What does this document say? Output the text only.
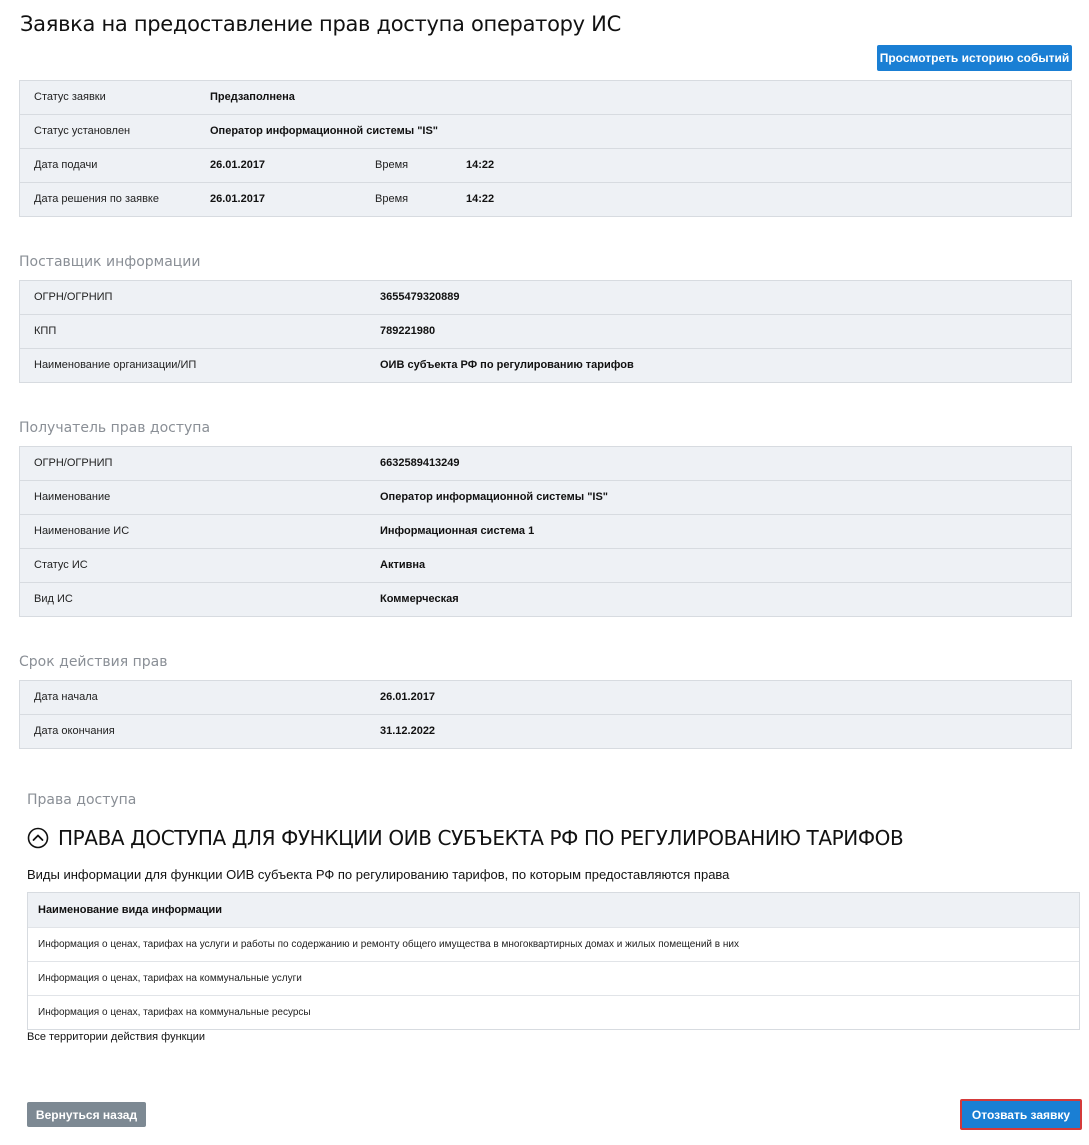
Заявка на предоставление прав доступа оператору ИС
Просмотреть историю событий
Статус заявки	Предзаполнена
Статус установлен	Оператор информационной системы "IS"
Дата подачи	26.01.2017	Время	14:22
Дата решения по заявке	26.01.2017	Время	14:22
Поставщик информации
ОГРН/ОГРНИП	3655479320889
КПП	789221980
Наименование организации/ИП	ОИВ субъекта РФ по регулированию тарифов
Получатель прав доступа
ОГРН/ОГРНИП	6632589413249
Наименование	Оператор информационной системы "IS"
Наименование ИС	Информационная система 1
Статус ИС	Активна
Вид ИС	Коммерческая
Срок действия прав
Дата начала	26.01.2017
Дата окончания	31.12.2022
Права доступа
ПРАВА ДОСТУПА ДЛЯ ФУНКЦИИ ОИВ СУБЪЕКТА РФ ПО РЕГУЛИРОВАНИЮ ТАРИФОВ
Виды информации для функции ОИВ субъекта РФ по регулированию тарифов, по которым предоставляются права
Наименование вида информации
Информация о ценах, тарифах на услуги и работы по содержанию и ремонту общего имущества в многоквартирных домах и жилых помещений в них
Информация о ценах, тарифах на коммунальные услуги
Информация о ценах, тарифах на коммунальные ресурсы
Все территории действия функции
Вернуться назад	Отозвать заявку
